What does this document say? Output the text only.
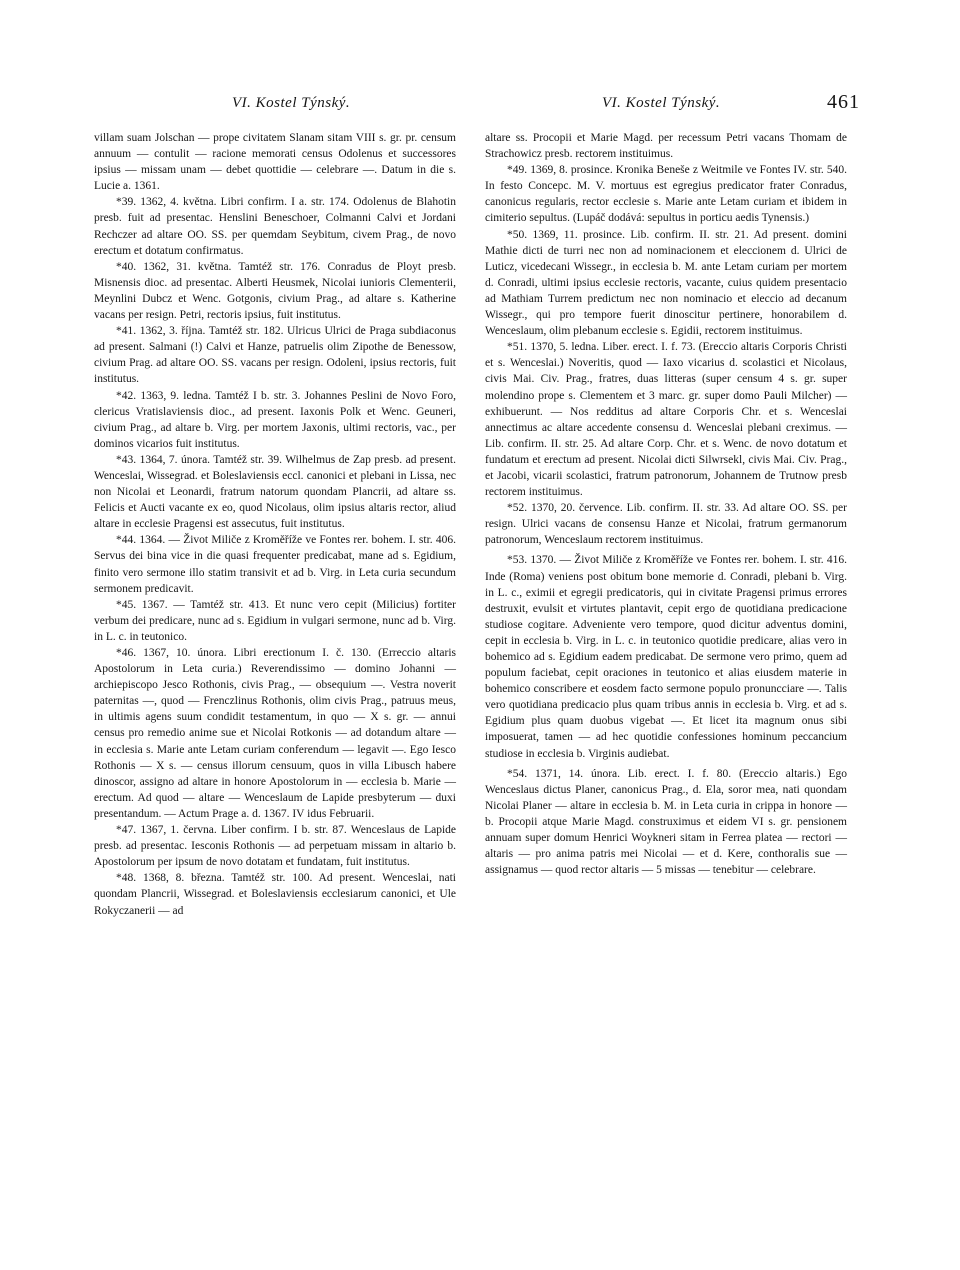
VI. Kostel Týnský.	VI. Kostel Týnský.	461

villam suam Jolschan — prope civitatem Slanam sitam VIII s. gr. pr. censum annuum — contulit — racione memorati census Odolenus et successores ipsius — missam unam — debet quottidie — celebrare —. Datum in die s. Lucie a. 1361.

*39. 1362, 4. května. Libri confirm. I a. str. 174. Odolenus de Blahotin presb. fuit ad presentac. Henslini Beneschoer, Colmanni Calvi et Jordani Rechczer ad altare OO. SS. per quemdam Seybitum, civem Prag., de novo erectum et dotatum confirmatus.

*40. 1362, 31. května. Tamtéž str. 176. Conradus de Ployt presb. Misnensis dioc. ad presentac. Alberti Heusmek, Nicolai iunioris Clementerii, Meynlini Dubcz et Wenc. Gotgonis, civium Prag., ad altare s. Katherine vacans per resign. Petri, rectoris ipsius, fuit institutus.

*41. 1362, 3. října. Tamtéž str. 182. Ulricus Ulrici de Praga subdiaconus ad present. Salmani (!) Calvi et Hanze, patruelis olim Zipothe de Benessow, civium Prag. ad altare OO. SS. vacans per resign. Odoleni, ipsius rectoris, fuit institutus.

*42. 1363, 9. ledna. Tamtéž I b. str. 3. Johannes Peslini de Novo Foro, clericus Vratislaviensis dioc., ad present. Iaxonis Polk et Wenc. Geuneri, civium Prag., ad altare b. Virg. per mortem Jaxonis, ultimi rectoris, vac., per dominos vicarios fuit institutus.

*43. 1364, 7. února. Tamtéž str. 39. Wilhelmus de Zap presb. ad present. Wenceslai, Wissegrad. et Boleslaviensis eccl. canonici et plebani in Lissa, nec non Nicolai et Leonardi, fratrum natorum quondam Plancrii, ad altare ss. Felicis et Aucti vacante ex eo, quod Nicolaus, olim ipsius altaris rector, aliud altare in ecclesie Pragensi est assecutus, fuit institutus.

*44. 1364. — Život Miliče z Kroměříže ve Fontes rer. bohem. I. str. 406. Servus dei bina vice in die quasi frequenter predicabat, mane ad s. Egidium, finito vero sermone illo statim transivit et ad b. Virg. in Leta curia secundum sermonem predicavit.

*45. 1367. — Tamtéž str. 413. Et nunc vero cepit (Milicius) fortiter verbum dei predicare, nunc ad s. Egidium in vulgari sermone, nunc ad b. Virg. in L. c. in teutonico.

*46. 1367, 10. února. Libri erectionum I. č. 130. (Erreccio altaris Apostolorum in Leta curia.) Reverendissimo — domino Johanni — archiepiscopo Jesco Rothonis, civis Prag., — obsequium —. Vestra noverit paternitas —, quod — Frenczlinus Rothonis, olim civis Prag., patruus meus, in ultimis agens suum condidit testamentum, in quo — X s. gr. — annui census pro remedio anime sue et Nicolai Rotkonis — ad dotandum altare — in ecclesia s. Marie ante Letam curiam conferendum — legavit —. Ego Iesco Rothonis — X s. — census illorum censuum, quos in villa Libusch habere dinoscor, assigno ad altare in honore Apostolorum in — ecclesia b. Marie — erectum. Ad quod — altare — Wenceslaum de Lapide presbyterum — duxi presentandum. — Actum Prage a. d. 1367. IV idus Februarii.

*47. 1367, 1. června. Liber confirm. I b. str. 87. Wenceslaus de Lapide presb. ad presentac. Iesconis Rothonis — ad perpetuam missam in altario b. Apostolorum per ipsum de novo dotatam et fundatam, fuit institutus.

*48. 1368, 8. března. Tamtéž str. 100. Ad present. Wenceslai, nati quondam Plancrii, Wissegrad. et Boleslaviensis ecclesiarum canonici, et Ule Rokyczanerii — ad

altare ss. Procopii et Marie Magd. per recessum Petri vacans Thomam de Strachowicz presb. rectorem instituimus.

*49. 1369, 8. prosince. Kronika Beneše z Weitmile ve Fontes IV. str. 540. In festo Concepc. M. V. mortuus est egregius predicator frater Conradus, canonicus regularis, rector ecclesie s. Marie ante Letam curiam et ibidem in cimiterio sepultus. (Lupáč dodává: sepultus in porticu aedis Tynensis.)

*50. 1369, 11. prosince. Lib. confirm. II. str. 21. Ad present. domini Mathie dicti de turri nec non ad nominacionem et eleccionem d. Ulrici de Luticz, vicedecani Wissegr., in ecclesia b. M. ante Letam curiam per mortem d. Conradi, ultimi ipsius ecclesie rectoris, vacante, cuius quidem presentacio ad Mathiam Turrem predictum nec non nominacio et eleccio ad decanum Wissegr., qui pro tempore fuerit dinoscitur pertinere, honorabilem d. Wenceslaum, olim plebanum ecclesie s. Egidii, rectorem instituimus.

*51. 1370, 5. ledna. Liber. erect. I. f. 73. (Ereccio altaris Corporis Christi et s. Wenceslai.) Noveritis, quod — Iaxo vicarius d. scolastici et Nicolaus, civis Mai. Civ. Prag., fratres, duas litteras (super censum 4 s. gr. super molendino prope s. Clementem et 3 marc. gr. super domo Pauli Milcher) — exhibuerunt. — Nos redditus ad altare Corporis Chr. et s. Wenceslai annectimus ac altare accedente consensu d. Wenceslai plebani creximus. — Lib. confirm. II. str. 25. Ad altare Corp. Chr. et s. Wenc. de novo dotatum et fundatum et erectum ad present. Nicolai dicti Silwrsekl, civis Mai. Civ. Prag., et Jacobi, vicarii scolastici, fratrum patronorum, Johannem de Trutnow presb rectorem instituimus.

*52. 1370, 20. července. Lib. confirm. II. str. 33. Ad altare OO. SS. per resign. Ulrici vacans de consensu Hanze et Nicolai, fratrum germanorum patronorum, Wenceslaum rectorem instituimus.

*53. 1370. — Život Miliče z Kroměříže ve Fontes rer. bohem. I. str. 416. Inde (Roma) veniens post obitum bone memorie d. Conradi, plebani b. Virg. in L. c., eximii et egregii predicatoris, qui in civitate Pragensi primus errores destruxit, evulsit et virtutes plantavit, cepit ergo de quotidiana predicacione studiose cogitare. Adveniente vero tempore, quod dicitur adventus domini, cepit in ecclesia b. Virg. in L. c. in teutonico quotidie predicare, alias vero in bohemico ad s. Egidium eadem predicabat. De sermone vero primo, quem ad populum faciebat, cepit oraciones in teutonico et alias eiusdem materie in bohemico conscribere et eosdem facto sermone populo pronuncciare —. Talis vero quotidiana predicacio plus quam tribus annis in ecclesia b. Virg. et ad s. Egidium plus quam duobus vigebat —. Et licet ita magnum onus sibi imposuerat, tamen — ad hec quotidie confessiones hominum peccancium studiose in ecclesia b. Virginis audiebat.

*54. 1371, 14. února. Lib. erect. I. f. 80. (Ereccio altaris.) Ego Wenceslaus dictus Planer, canonicus Prag., d. Ela, soror mea, nati quondam Nicolai Planer — altare in ecclesia b. M. in Leta curia in crippa in honore — b. Procopii atque Marie Magd. construximus et eidem VI s. gr. pensionem annuam super domum Henrici Woykneri sitam in Ferrea platea — rectori — altaris — pro anima patris mei Nicolai — et d. Kere, conthoralis sue — assignamus — quod rector altaris — 5 missas — tenebitur — celebrare.
